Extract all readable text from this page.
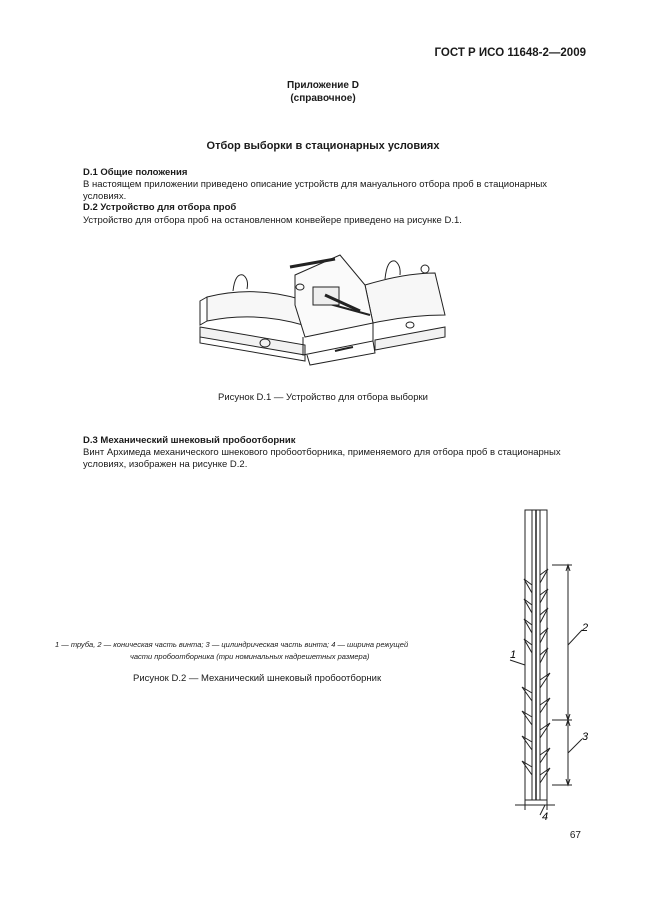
ГОСТ Р ИСО 11648-2—2009
Приложение D
(справочное)
Отбор выборки в стационарных условиях
D.1 Общие положения
В настоящем приложении приведено описание устройств для мануального отбора проб в стационарных
условиях.
D.2 Устройство для отбора проб
Устройство для отбора проб на остановленном конвейере приведено на рисунке D.1.
Рисунок D.1 — Устройство для отбора выборки
D.3 Механический шнековый пробоотборник
Винт Архимеда механического шнекового пробоотборника, применяемого для отбора проб в стационарных
условиях, изображен на рисунке D.2.
2
3
1
4
1 — труба, 2 — коническая часть винта; 3 — цилиндрическая часть винта; 4 — ширина режущей
части пробоотборника (три номинальных надрешетных размера)
Рисунок D.2 — Механический шнековый пробоотборник
67
